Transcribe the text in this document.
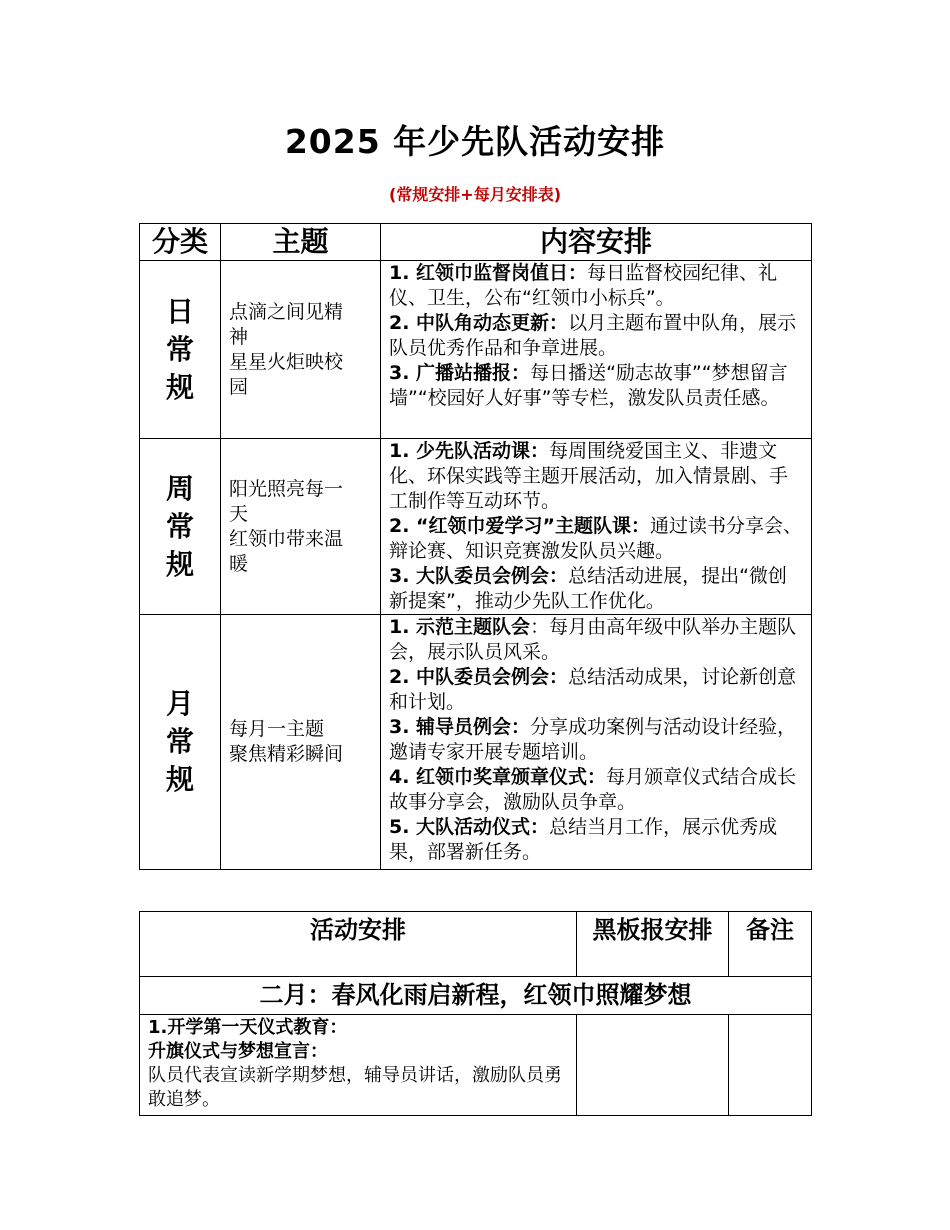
2025 年少先队活动安排
(常规安排+每月安排表)
分类	主题	内容安排

日
常
规	点滴之间见精
神
星星火炬映校
园	1. 红领巾监督岗值日：每日监督校园纪律、礼仪、卫生，公布“红领巾小标兵”。
2. 中队角动态更新：以月主题布置中队角，展示队员优秀作品和争章进展。
3. 广播站播报：每日播送“励志故事”“梦想留言墙”“校园好人好事”等专栏，激发队员责任感。

周
常
规	阳光照亮每一
天
红领巾带来温
暖	1. 少先队活动课：每周围绕爱国主义、非遗文化、环保实践等主题开展活动，加入情景剧、手工制作等互动环节。
2. “红领巾爱学习”主题队课：通过读书分享会、辩论赛、知识竞赛激发队员兴趣。
3. 大队委员会例会：总结活动进展，提出“微创新提案”，推动少先队工作优化。

月
常
规	每月一主题
聚焦精彩瞬间	1. 示范主题队会：每月由高年级中队举办主题队会，展示队员风采。
2. 中队委员会例会：总结活动成果，讨论新创意和计划。
3. 辅导员例会：分享成功案例与活动设计经验，邀请专家开展专题培训。
4. 红领巾奖章颁章仪式：每月颁章仪式结合成长故事分享会，激励队员争章。
5. 大队活动仪式：总结当月工作，展示优秀成果，部署新任务。
活动安排	黑板报安排	备注
二月：春风化雨启新程，红领巾照耀梦想		

1.开学第一天仪式教育：
升旗仪式与梦想宣言：
队员代表宣读新学期梦想，辅导员讲话，激励队员勇敢追梦。		
